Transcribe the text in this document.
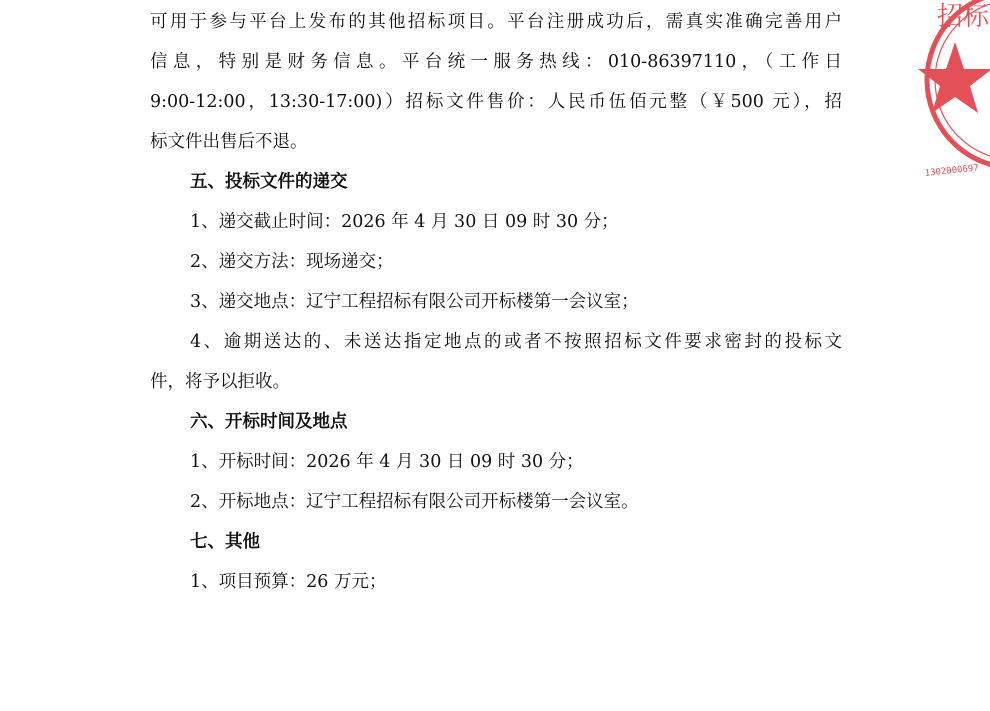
可用于参与平台上发布的其他招标项目。平台注册成功后，需真实准确完善用户
信息，特别是财务信息。平台统一服务热线：010-86397110，（工作日
9:00-12:00，13:30-17:00)）招标文件售价：人民币伍佰元整（￥500 元），招
标文件出售后不退。
五、投标文件的递交
1、递交截止时间：2026 年 4 月 30 日 09 时 30 分；
2、递交方法：现场递交；
3、递交地点：辽宁工程招标有限公司开标楼第一会议室；
4、逾期送达的、未送达指定地点的或者不按照招标文件要求密封的投标文
件，将予以拒收。
六、开标时间及地点
1、开标时间：2026 年 4 月 30 日 09 时 30 分；
2、开标地点：辽宁工程招标有限公司开标楼第一会议室。
七、其他
1、项目预算：26 万元；
招标
1302000697
